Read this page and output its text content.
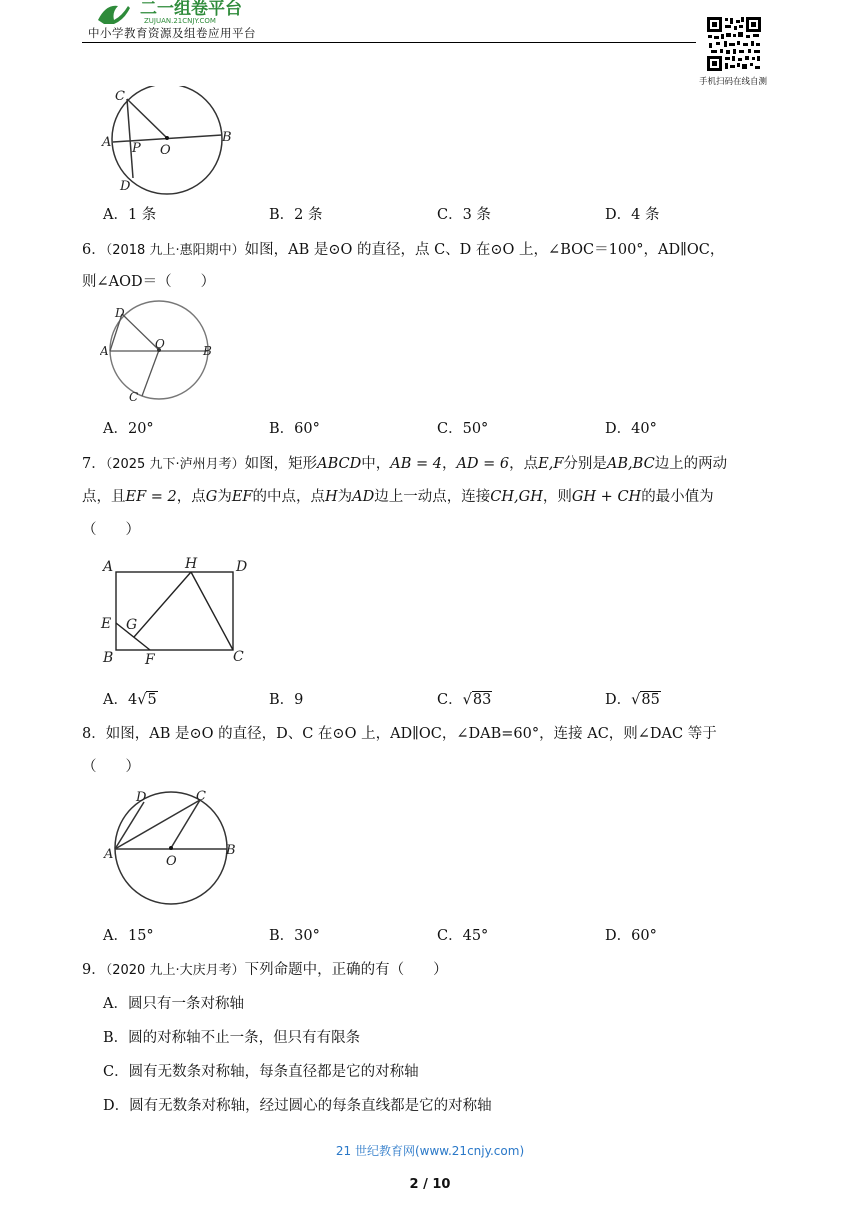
二一组卷平台
ZUJUAN.21CNJY.COM
中小学教育资源及组卷应用平台
手机扫码在线自测
C
A P O
B
D
A．1 条	B．2 条	C．3 条	D．4 条
6．（2018 九上·惠阳期中）如图，AB 是⊙O 的直径，点 C、D 在⊙O 上，∠BOC＝100°，AD∥OC，
则∠AOD＝（　　）
D
A	O	B
C
A．20°	B．60°	C．50°	D．40°
7．（2025 九下·泸州月考）如图，矩形ABCD中，AB = 4，AD = 6，点E,F分别是AB,BC边上的两动
点，且EF = 2，点G为EF的中点，点H为AD边上一动点，连接CH,GH，则GH + CH的最小值为
（　　）
A	H	D
E G
B F	C
A．4√5	B．9	C．√83	D．√85
8．如图，AB 是⊙O 的直径，D、C 在⊙O 上，AD∥OC，∠DAB=60°，连接 AC，则∠DAC 等于
（　　）
D	C
A	O
B
A．15°	B．30°	C．45°	D．60°
9．（2020 九上·大庆月考）下列命题中，正确的有（　　）
A．圆只有一条对称轴
B．圆的对称轴不止一条，但只有有限条
C．圆有无数条对称轴，每条直径都是它的对称轴
D．圆有无数条对称轴，经过圆心的每条直线都是它的对称轴
21 世纪教育网(www.21cnjy.com)
2 / 10
